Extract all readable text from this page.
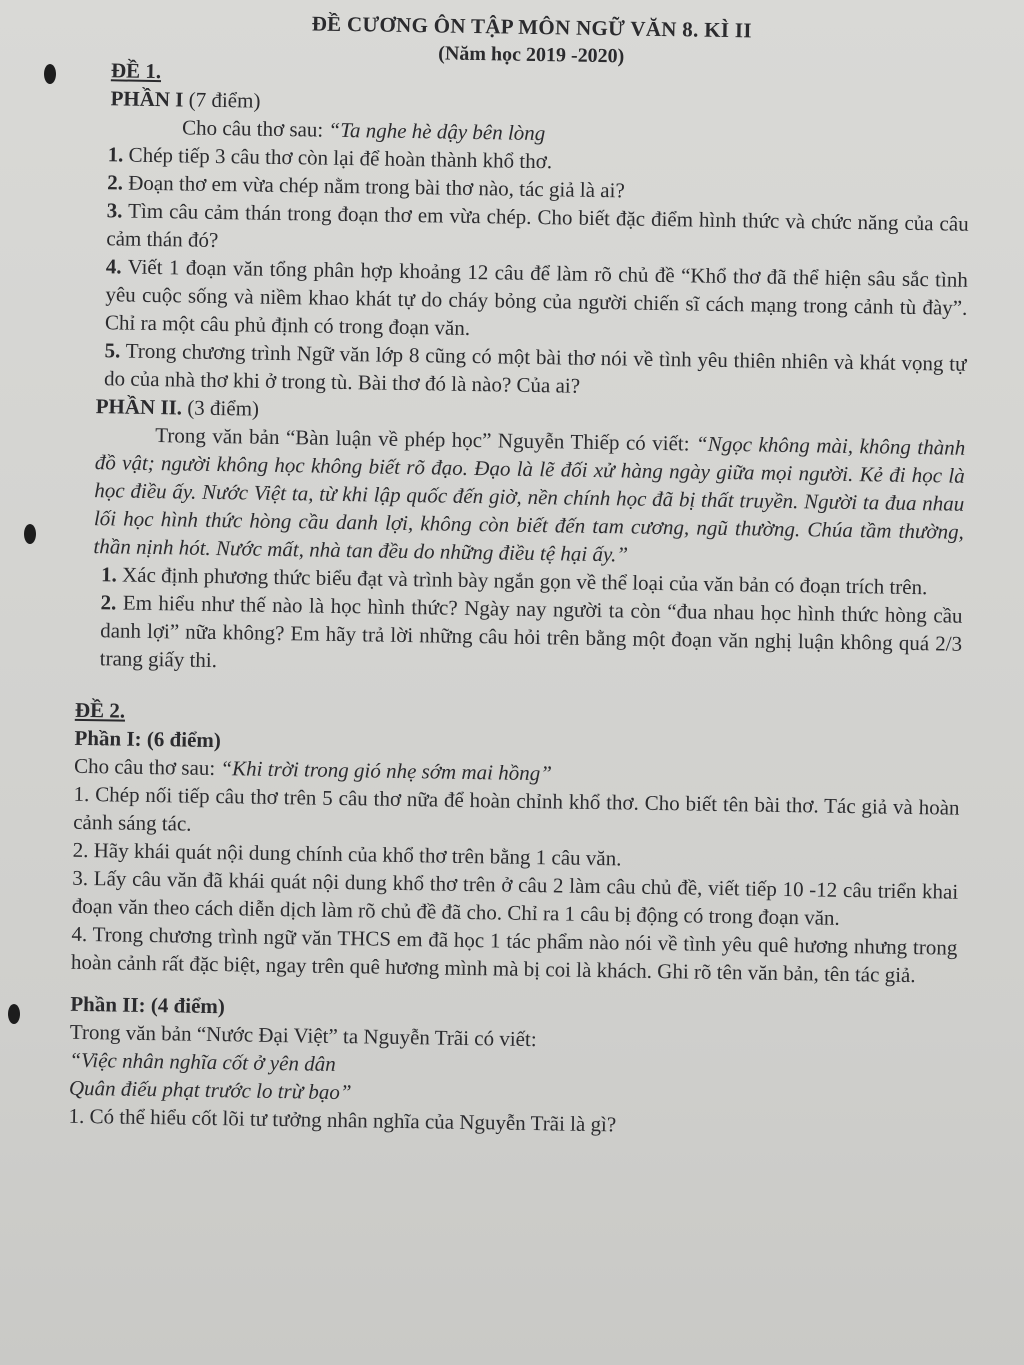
ĐỀ CƯƠNG ÔN TẬP MÔN NGỮ VĂN 8. KÌ II

(Năm học 2019 -2020)

ĐỀ 1.

PHẦN I (7 điểm)

Cho câu thơ sau: “Ta nghe hè dậy bên lòng

1. Chép tiếp 3 câu thơ còn lại để hoàn thành khổ thơ.

2. Đoạn thơ em vừa chép nằm trong bài thơ nào, tác giả là ai?

3. Tìm câu cảm thán trong đoạn thơ em vừa chép. Cho biết đặc điểm hình thức và chức năng của câu cảm thán đó?

4. Viết 1 đoạn văn tổng phân hợp khoảng 12 câu để làm rõ chủ đề “Khổ thơ đã thể hiện sâu sắc tình yêu cuộc sống và niềm khao khát tự do cháy bỏng của người chiến sĩ cách mạng trong cảnh tù đày”. Chỉ ra một câu phủ định có trong đoạn văn.

5. Trong chương trình Ngữ văn lớp 8 cũng có một bài thơ nói về tình yêu thiên nhiên và khát vọng tự do của nhà thơ khi ở trong tù. Bài thơ đó là nào? Của ai?

PHẦN II. (3 điểm)

Trong văn bản “Bàn luận về phép học” Nguyễn Thiếp có viết: “Ngọc không mài, không thành đồ vật; người không học không biết rõ đạo. Đạo là lẽ đối xử hàng ngày giữa mọi người. Kẻ đi học là học điều ấy. Nước Việt ta, từ khi lập quốc đến giờ, nền chính học đã bị thất truyền. Người ta đua nhau lối học hình thức hòng cầu danh lợi, không còn biết đến tam cương, ngũ thường. Chúa tầm thường, thần nịnh hót. Nước mất, nhà tan đều do những điều tệ hại ấy.”

1. Xác định phương thức biểu đạt và trình bày ngắn gọn về thể loại của văn bản có đoạn trích trên.

2. Em hiểu như thế nào là học hình thức? Ngày nay người ta còn “đua nhau học hình thức hòng cầu danh lợi” nữa không? Em hãy trả lời những câu hỏi trên bằng một đoạn văn nghị luận không quá 2/3 trang giấy thi.

ĐỀ 2.

Phần I: (6 điểm)

Cho câu thơ sau: “Khi trời trong gió nhẹ sớm mai hồng”

1. Chép nối tiếp câu thơ trên 5 câu thơ nữa để hoàn chỉnh khổ thơ. Cho biết tên bài thơ. Tác giả và hoàn cảnh sáng tác.

2. Hãy khái quát nội dung chính của khổ thơ trên bằng 1 câu văn.

3. Lấy câu văn đã khái quát nội dung khổ thơ trên ở câu 2 làm câu chủ đề, viết tiếp 10 -12 câu triển khai đoạn văn theo cách diễn dịch làm rõ chủ đề đã cho. Chỉ ra 1 câu bị động có trong đoạn văn.

4. Trong chương trình ngữ văn THCS em đã học 1 tác phẩm nào nói về tình yêu quê hương nhưng trong hoàn cảnh rất đặc biệt, ngay trên quê hương mình mà bị coi là khách. Ghi rõ tên văn bản, tên tác giả.

Phần II: (4 điểm)

Trong văn bản “Nước Đại Việt” ta Nguyễn Trãi có viết:

“Việc nhân nghĩa cốt ở yên dân

Quân điếu phạt trước lo trừ bạo”

1. Có thể hiểu cốt lõi tư tưởng nhân nghĩa của Nguyễn Trãi là gì?
